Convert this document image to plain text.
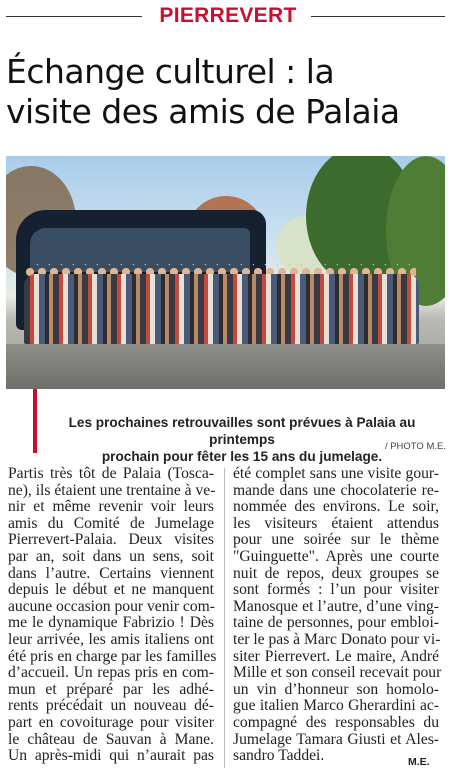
PIERREVERT
Échange culturel : la
visite des amis de Palaia
Les prochaines retrouvailles sont prévues à Palaia au printemps
prochain pour fêter les 15 ans du jumelage.
/ PHOTO M.E.
Partis très tôt de Palaia (Tosca-
ne), ils étaient une trentaine à ve-
nir et même revenir voir leurs
amis du Comité de Jumelage
Pierrevert-Palaia. Deux visites
par an, soit dans un sens, soit
dans l’autre. Certains viennent
depuis le début et ne manquent
aucune occasion pour venir com-
me le dynamique Fabrizio ! Dès
leur arrivée, les amis italiens ont
été pris en charge par les familles
d’accueil. Un repas pris en com-
mun et préparé par les adhé-
rents précédait un nouveau dé-
part en covoiturage pour visiter
le château de Sauvan à Mane.
Un après-midi qui n’aurait pas
été complet sans une visite gour-
mande dans une chocolaterie re-
nommée des environs. Le soir,
les visiteurs étaient attendus
pour une soirée sur le thème
"Guinguette". Après une courte
nuit de repos, deux groupes se
sont formés : l’un pour visiter
Manosque et l’autre, d’une ving-
taine de personnes, pour embloi-
ter le pas à Marc Donato pour vi-
siter Pierrevert. Le maire, André
Mille et son conseil recevait pour
un vin d’honneur son homolo-
gue italien Marco Gherardini ac-
compagné des responsables du
Jumelage Tamara Giusti et Ales-
sandro Taddei.	M.E.
